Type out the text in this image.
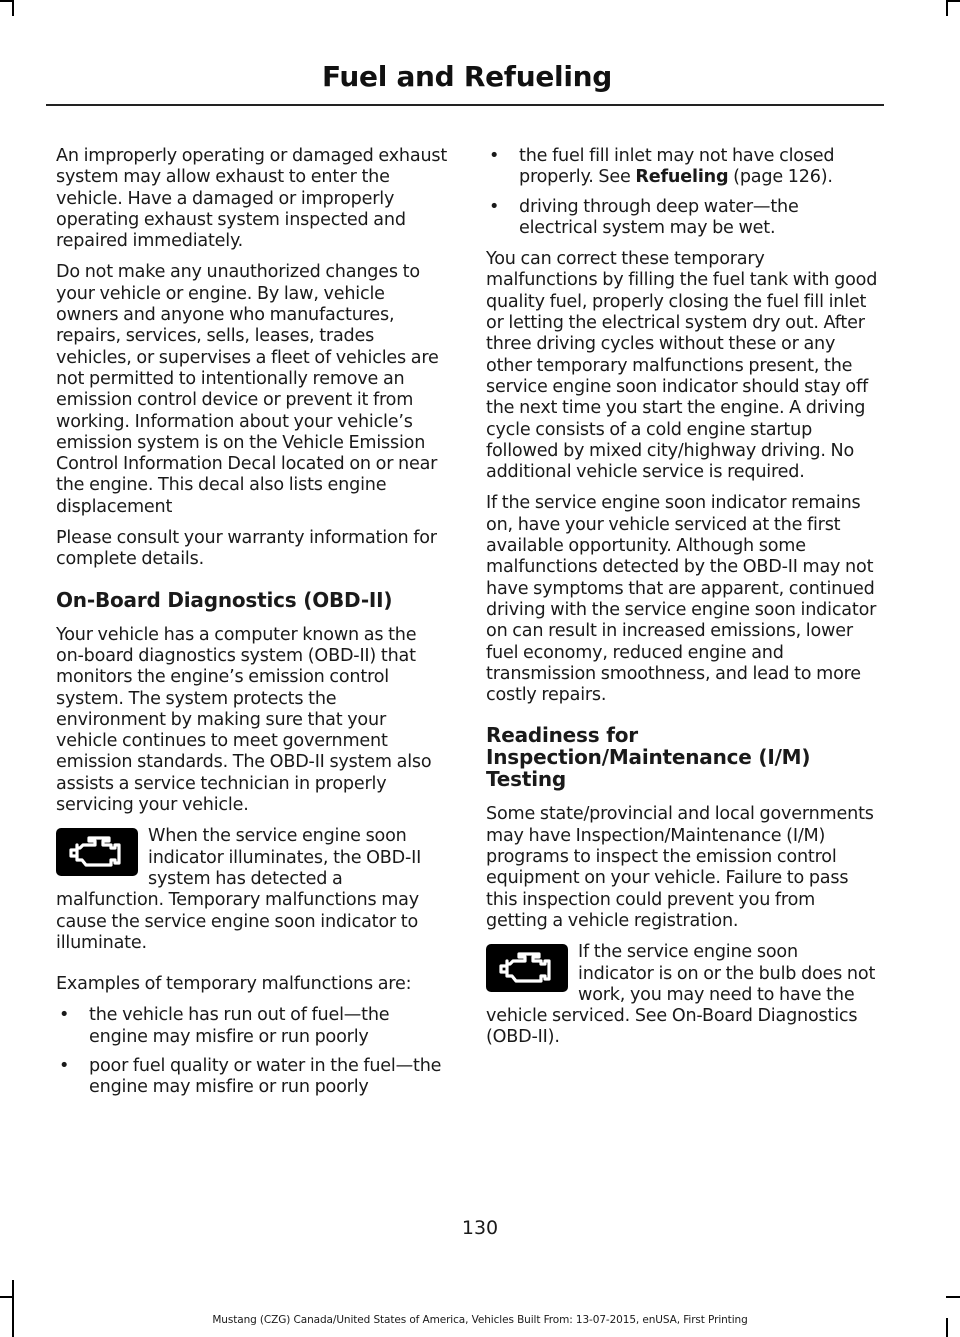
Fuel and Refueling

An improperly operating or damaged exhaust system may allow exhaust to enter the vehicle. Have a damaged or improperly operating exhaust system inspected and repaired immediately.

Do not make any unauthorized changes to your vehicle or engine. By law, vehicle owners and anyone who manufactures, repairs, services, sells, leases, trades vehicles, or supervises a fleet of vehicles are not permitted to intentionally remove an emission control device or prevent it from working. Information about your vehicle’s emission system is on the Vehicle Emission Control Information Decal located on or near the engine. This decal also lists engine displacement

Please consult your warranty information for complete details.

On-Board Diagnostics (OBD-II)

Your vehicle has a computer known as the on-board diagnostics system (OBD-II) that monitors the engine’s emission control system. The system protects the environment by making sure that your vehicle continues to meet government emission standards. The OBD-II system also assists a service technician in properly servicing your vehicle.

When the service engine soon indicator illuminates, the OBD-II system has detected a malfunction. Temporary malfunctions may cause the service engine soon indicator to illuminate.

Examples of temporary malfunctions are:

• the vehicle has run out of fuel—the engine may misfire or run poorly
• poor fuel quality or water in the fuel—the engine may misfire or run poorly
• the fuel fill inlet may not have closed properly. See Refueling (page 126).
• driving through deep water—the electrical system may be wet.

You can correct these temporary malfunctions by filling the fuel tank with good quality fuel, properly closing the fuel fill inlet or letting the electrical system dry out. After three driving cycles without these or any other temporary malfunctions present, the service engine soon indicator should stay off the next time you start the engine. A driving cycle consists of a cold engine startup followed by mixed city/highway driving. No additional vehicle service is required.

If the service engine soon indicator remains on, have your vehicle serviced at the first available opportunity. Although some malfunctions detected by the OBD-II may not have symptoms that are apparent, continued driving with the service engine soon indicator on can result in increased emissions, lower fuel economy, reduced engine and transmission smoothness, and lead to more costly repairs.

Readiness for Inspection/Maintenance (I/M) Testing

Some state/provincial and local governments may have Inspection/Maintenance (I/M) programs to inspect the emission control equipment on your vehicle. Failure to pass this inspection could prevent you from getting a vehicle registration.

If the service engine soon indicator is on or the bulb does not work, you may need to have the vehicle serviced. See On-Board Diagnostics (OBD-II).

130
Mustang (CZG) Canada/United States of America, Vehicles Built From: 13-07-2015, enUSA, First Printing
